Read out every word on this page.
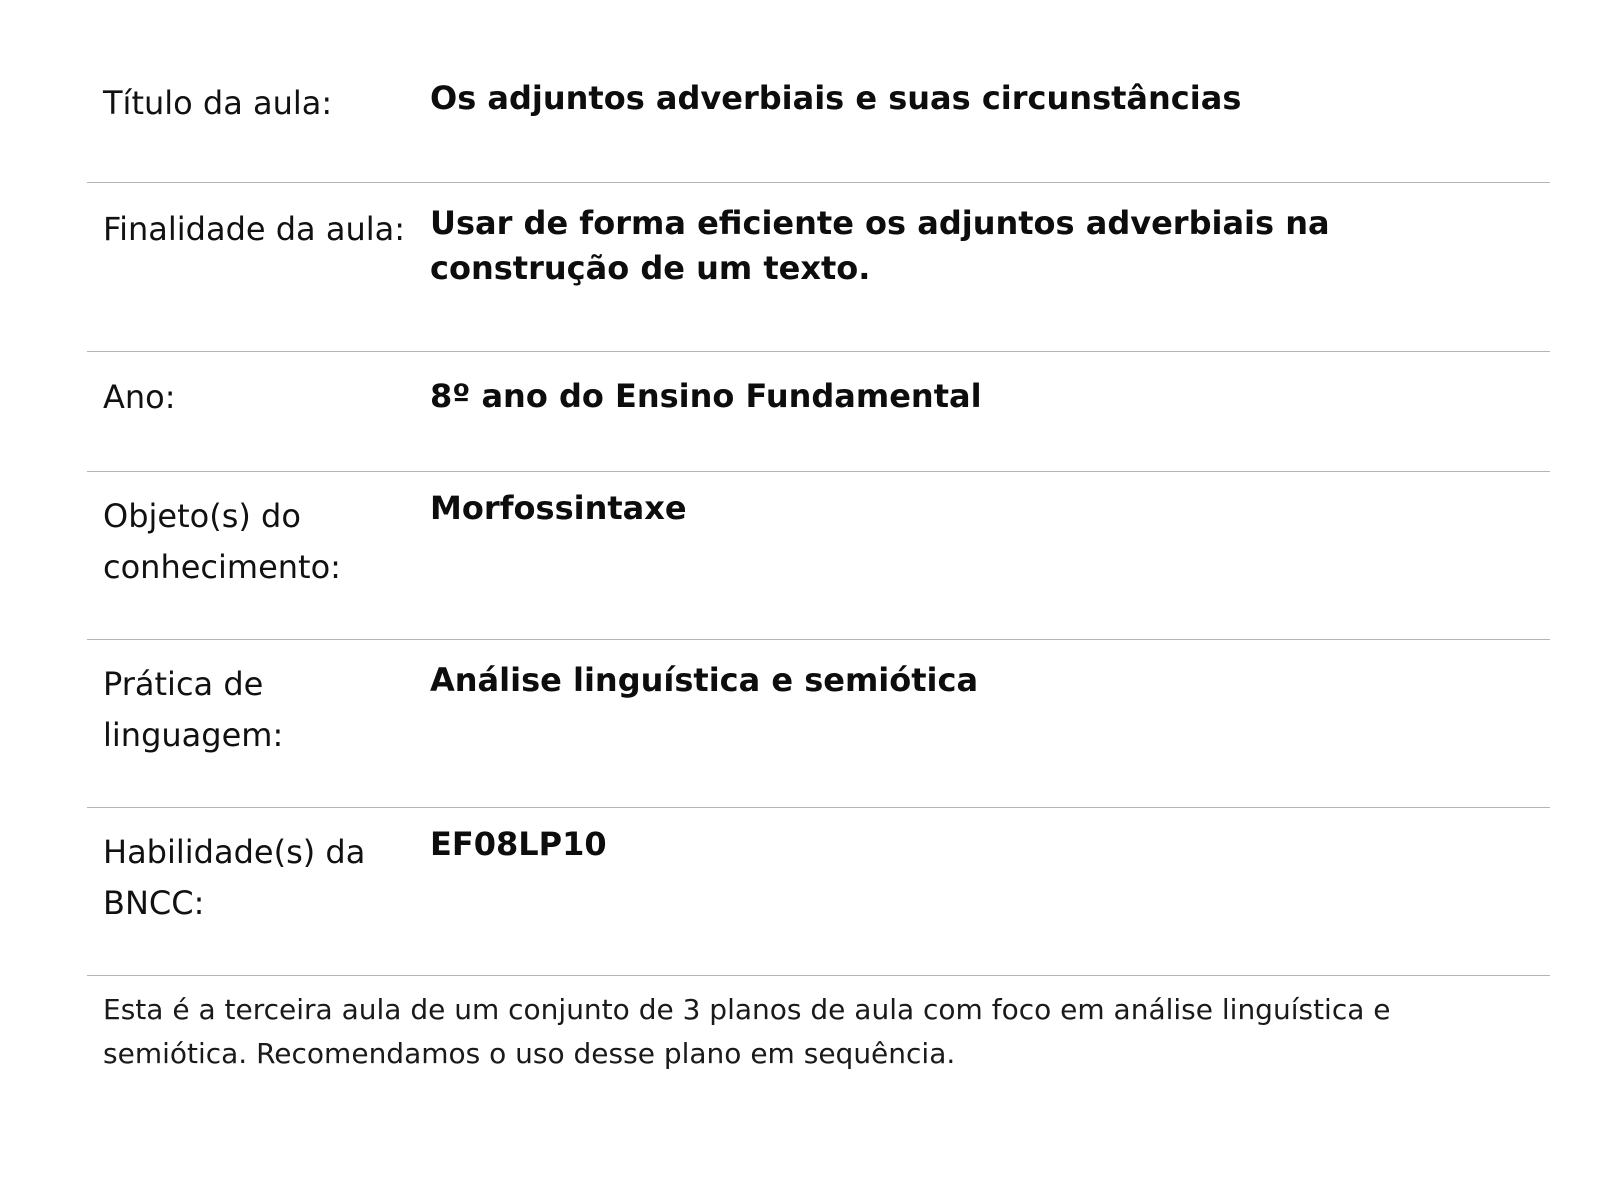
Título da aula:	Os adjuntos adverbiais e suas circunstâncias
Finalidade da aula:	Usar de forma eficiente os adjuntos adverbiais na construção de um texto.
Ano:	8º ano do Ensino Fundamental
Objeto(s) do conhecimento:	Morfossintaxe
Prática de linguagem:	Análise linguística e semiótica
Habilidade(s) da BNCC:	EF08LP10

Esta é a terceira aula de um conjunto de 3 planos de aula com foco em análise linguística e semiótica. Recomendamos o uso desse plano em sequência.
